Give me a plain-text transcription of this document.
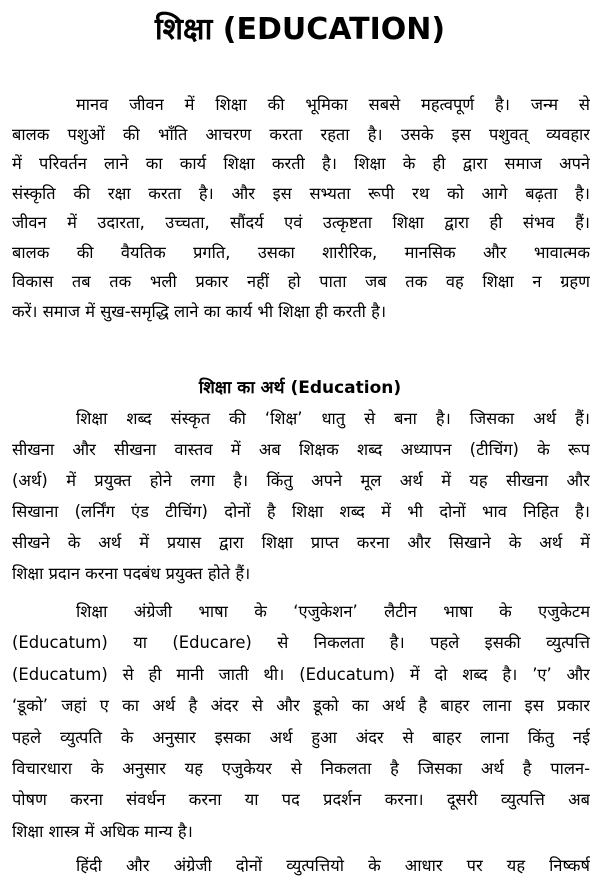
शिक्षा (EDUCATION)
मानव जीवन में शिक्षा की भूमिका सबसे महत्वपूर्ण है। जन्म से
बालक पशुओं की भाँति आचरण करता रहता है। उसके इस पशुवत् व्यवहार
में परिवर्तन लाने का कार्य शिक्षा करती है। शिक्षा के ही द्वारा समाज अपने
संस्कृति की रक्षा करता है। और इस सभ्यता रूपी रथ को आगे बढ़ता है।
जीवन में उदारता, उच्चता, सौंदर्य एवं उत्कृष्टता शिक्षा द्वारा ही संभव हैं।
बालक की वैयतिक प्रगति, उसका शारीरिक, मानसिक और भावात्मक
विकास तब तक भली प्रकार नहीं हो पाता जब तक वह शिक्षा न ग्रहण
करें। समाज में सुख-समृद्धि लाने का कार्य भी शिक्षा ही करती है।
शिक्षा का अर्थ (Education)
शिक्षा शब्द संस्कृत की ‘शिक्ष’ धातु से बना है। जिसका अर्थ हैं।
सीखना और सीखना वास्तव में अब शिक्षक शब्द अध्यापन (टीचिंग) के रूप
(अर्थ) में प्रयुक्त होने लगा है। किंतु अपने मूल अर्थ में यह सीखना और
सिखाना (लर्निंग एंड टीचिंग) दोनों है शिक्षा शब्द में भी दोनों भाव निहित है।
सीखने के अर्थ में प्रयास द्वारा शिक्षा प्राप्त करना और सिखाने के अर्थ में
शिक्षा प्रदान करना पदबंध प्रयुक्त होते हैं।
शिक्षा अंग्रेजी भाषा के ‘एजुकेशन’ लैटीन भाषा के एजुकेटम
(Educatum) या (Educare) से निकलता है। पहले इसकी व्युत्पत्ति
(Educatum) से ही मानी जाती थी। (Educatum) में दो शब्द है। ’ए’ और
‘डूको’ जहां ए का अर्थ है अंदर से और डूको का अर्थ है बाहर लाना इस प्रकार
पहले व्युत्पति के अनुसार इसका अर्थ हुआ अंदर से बाहर लाना किंतु नई
विचारधारा के अनुसार यह एजुकेयर से निकलता है जिसका अर्थ है पालन-
पोषण करना संवर्धन करना या पद प्रदर्शन करना। दूसरी व्युत्पत्ति अब
शिक्षा शास्त्र में अधिक मान्य है।
हिंदी और अंग्रेजी दोनों व्युत्पत्तियो के आधार पर यह निष्कर्ष
